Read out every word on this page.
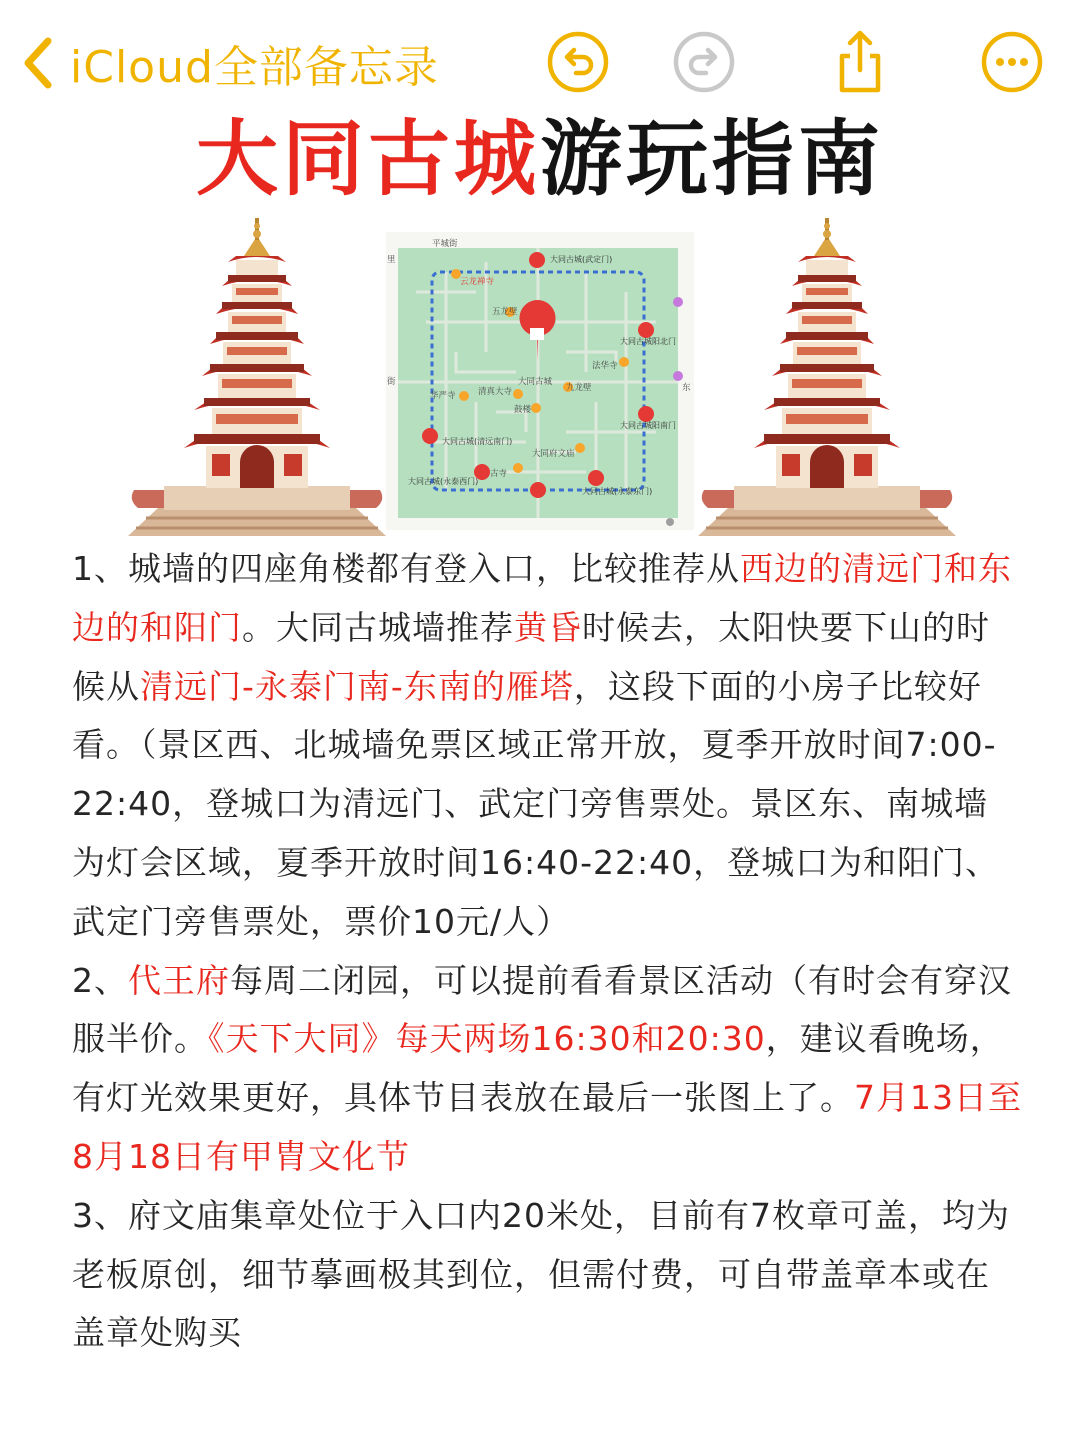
iCloud全部备忘录
大同古城游玩指南
平城街
里
街
东
云龙禅寺
五龙壁
大同古城
九龙壁
法华寺
华严寺	清真大寺
鼓楼
大同府文庙
古寺
大同古城(武定门)
大同古城阳北门
大同古城阳南门
大同古城(清远南门)
大同古城(永泰西门)
大同古城(永泰东门)

1、城墙的四座角楼都有登入口，比较推荐从西边的清远门和东边的和阳门。大同古城墙推荐黄昏时候去，太阳快要下山的时候从清远门-永泰门南-东南的雁塔，这段下面的小房子比较好看。（景区西、北城墙免票区域正常开放，夏季开放时间7:00-22:40，登城口为清远门、武定门旁售票处。景区东、南城墙为灯会区域，夏季开放时间16:40-22:40，登城口为和阳门、武定门旁售票处，票价10元/人）

2、代王府每周二闭园，可以提前看看景区活动（有时会有穿汉服半价。《天下大同》每天两场16:30和20:30，建议看晚场，有灯光效果更好，具体节目表放在最后一张图上了。7月13日至8月18日有甲胄文化节

3、府文庙集章处位于入口内20米处，目前有7枚章可盖，均为老板原创，细节摹画极其到位，但需付费，可自带盖章本或在盖章处购买
